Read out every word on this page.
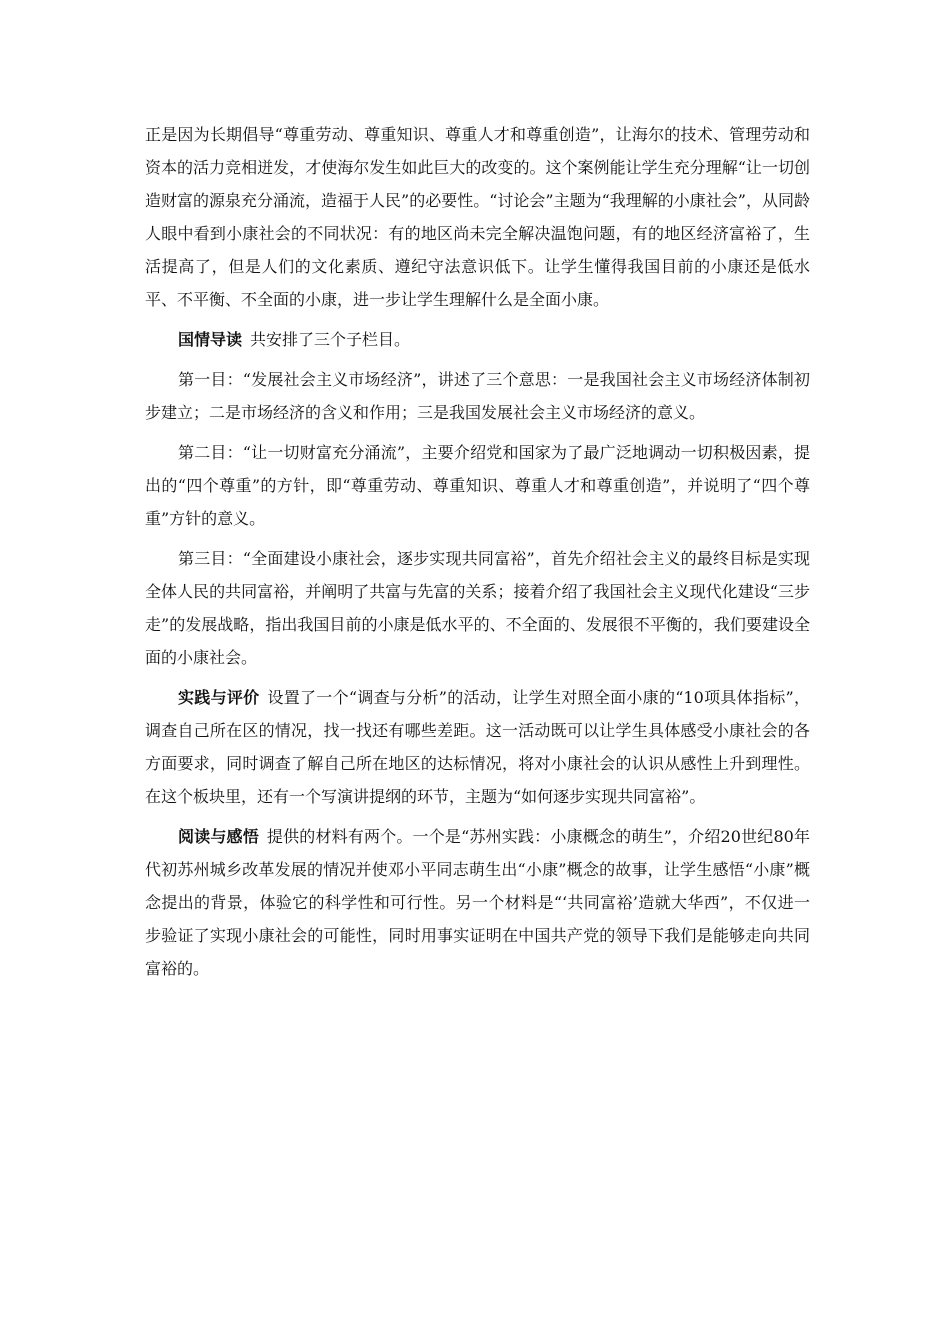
正是因为长期倡导“尊重劳动、尊重知识、尊重人才和尊重创造”，让海尔的技术、管理劳动和资本的活力竞相迸发，才使海尔发生如此巨大的改变的。这个案例能让学生充分理解“让一切创造财富的源泉充分涌流，造福于人民”的必要性。“讨论会”主题为“我理解的小康社会”，从同龄人眼中看到小康社会的不同状况：有的地区尚未完全解决温饱问题，有的地区经济富裕了，生活提高了，但是人们的文化素质、遵纪守法意识低下。让学生懂得我国目前的小康还是低水平、不平衡、不全面的小康，进一步让学生理解什么是全面小康。

国情导读 共安排了三个子栏目。

第一目：“发展社会主义市场经济”，讲述了三个意思：一是我国社会主义市场经济体制初步建立；二是市场经济的含义和作用；三是我国发展社会主义市场经济的意义。

第二目：“让一切财富充分涌流”，主要介绍党和国家为了最广泛地调动一切积极因素，提出的“四个尊重”的方针，即“尊重劳动、尊重知识、尊重人才和尊重创造”，并说明了“四个尊重”方针的意义。

第三目：“全面建设小康社会，逐步实现共同富裕”，首先介绍社会主义的最终目标是实现全体人民的共同富裕，并阐明了共富与先富的关系；接着介绍了我国社会主义现代化建设“三步走”的发展战略，指出我国目前的小康是低水平的、不全面的、发展很不平衡的，我们要建设全面的小康社会。

实践与评价 设置了一个“调查与分析”的活动，让学生对照全面小康的“10项具体指标”，调查自己所在区的情况，找一找还有哪些差距。这一活动既可以让学生具体感受小康社会的各方面要求，同时调查了解自己所在地区的达标情况，将对小康社会的认识从感性上升到理性。在这个板块里，还有一个写演讲提纲的环节，主题为“如何逐步实现共同富裕”。

阅读与感悟 提供的材料有两个。一个是“苏州实践：小康概念的萌生”，介绍20世纪80年代初苏州城乡改革发展的情况并使邓小平同志萌生出“小康”概念的故事，让学生感悟“小康”概念提出的背景，体验它的科学性和可行性。另一个材料是“‘共同富裕’造就大华西”，不仅进一步验证了实现小康社会的可能性，同时用事实证明在中国共产党的领导下我们是能够走向共同富裕的。
